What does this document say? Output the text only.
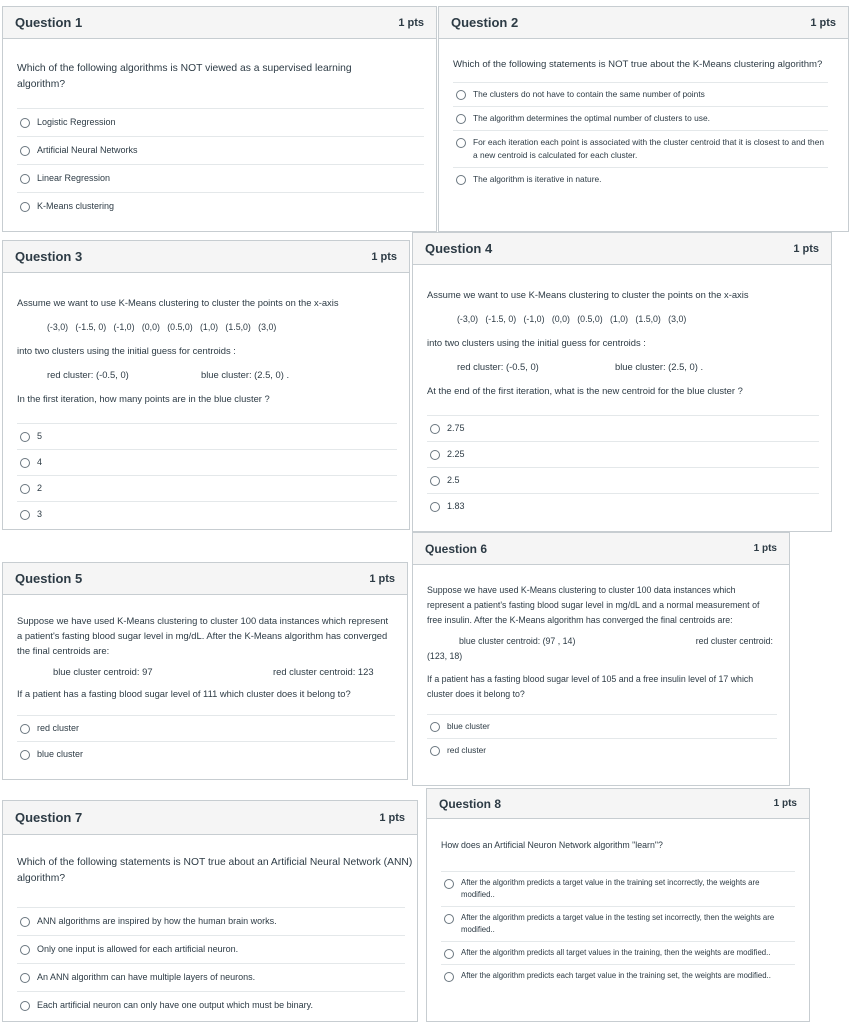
Question 1	1 pts

Which of the following algorithms is NOT viewed as a supervised learning algorithm?

Logistic Regression
Artificial Neural Networks
Linear Regression
K-Means clustering
Question 2	1 pts

Which of the following statements is NOT true about the K-Means clustering algorithm?

The clusters do not have to contain the same number of points
The algorithm determines the optimal number of clusters to use.
For each iteration each point is associated with the cluster centroid that it is closest to and then a new centroid is calculated for each cluster.
The algorithm is iterative in nature.
Question 3	1 pts

Assume we want to use K-Means clustering to cluster the points on the x-axis

(-3,0)   (-1.5, 0)   (-1,0)   (0,0)   (0.5,0)   (1,0)   (1.5,0)   (3,0)

into two clusters using the initial guess for centroids :

red cluster: (-0.5, 0)	blue cluster: (2.5, 0) .

In the first iteration, how many points are in the blue cluster ?

5
4
2
3
Question 4	1 pts

Assume we want to use K-Means clustering to cluster the points on the x-axis

(-3,0)   (-1.5, 0)   (-1,0)   (0,0)   (0.5,0)   (1,0)   (1.5,0)   (3,0)

into two clusters using the initial guess for centroids :

red cluster: (-0.5, 0)	blue cluster: (2.5, 0) .

At the end of the first iteration, what is the new centroid for the blue cluster ?

2.75
2.25
2.5
1.83
Question 5	1 pts

Suppose we have used K-Means clustering to cluster 100 data instances which represent a patient's fasting blood sugar level in mg/dL. After the K-Means algorithm has converged the final centroids are:

blue cluster centroid: 97	red cluster centroid: 123

If a patient has a fasting blood sugar level of 111 which cluster does it belong to?

red cluster
blue cluster
Question 6	1 pts

Suppose we have used K-Means clustering to cluster 100 data instances which represent a patient's fasting blood sugar level in mg/dL and a normal measurement of free insulin. After the K-Means algorithm has converged the final centroids are:

blue cluster centroid: (97 , 14)	red cluster centroid:

(123, 18)

If a patient has a fasting blood sugar level of 105 and a free insulin level of 17 which cluster does it belong to?

blue cluster
red cluster
Question 7	1 pts

Which of the following statements is NOT true about an Artificial Neural Network (ANN) algorithm?

ANN algorithms are inspired by how the human brain works.
Only one input is allowed for each artificial neuron.
An ANN algorithm can have multiple layers of neurons.
Each artificial neuron can only have one output which must be binary.
Question 8	1 pts

How does an Artificial Neuron Network algorithm "learn"?

After the algorithm predicts a target value in the training set incorrectly, the weights are modified..
After the algorithm predicts a target value in the testing set incorrectly, then the weights are modified..
After the algorithm predicts all target values in the training, then the weights are modified..
After the algorithm predicts each target value in the training set, the weights are modified..
